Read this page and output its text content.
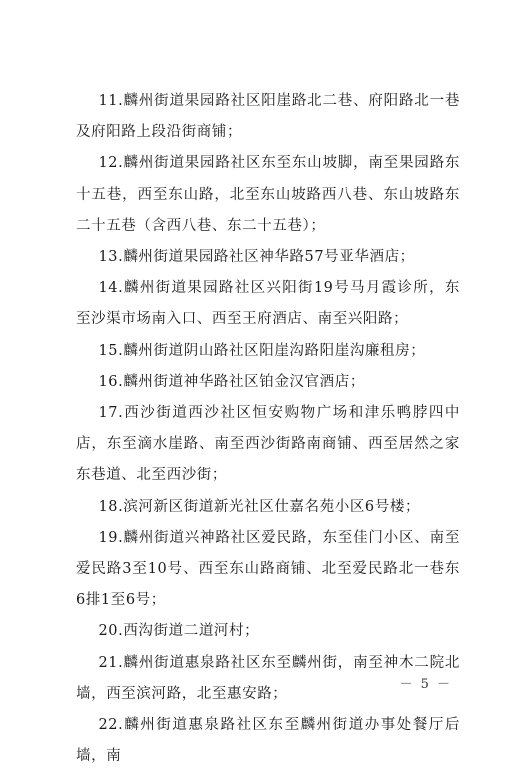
11.麟州街道果园路社区阳崖路北二巷、府阳路北一巷及府阳路上段沿街商铺；

12.麟州街道果园路社区东至东山坡脚，南至果园路东十五巷，西至东山路，北至东山坡路西八巷、东山坡路东二十五巷（含西八巷、东二十五巷）；

13.麟州街道果园路社区神华路57号亚华酒店；

14.麟州街道果园路社区兴阳街19号马月霞诊所，东至沙渠市场南入口、西至王府酒店、南至兴阳路；

15.麟州街道阴山路社区阳崖沟路阳崖沟廉租房；

16.麟州街道神华路社区铂金汉官酒店；

17.西沙街道西沙社区恒安购物广场和津乐鸭脖四中店，东至滴水崖路、南至西沙街路南商铺、西至居然之家东巷道、北至西沙街；

18.滨河新区街道新光社区仕嘉名苑小区6号楼；

19.麟州街道兴神路社区爱民路，东至佳门小区、南至爱民路3至10号、西至东山路商铺、北至爱民路北一巷东6排1至6号；

20.西沟街道二道河村；

21.麟州街道惠泉路社区东至麟州街，南至神木二院北墙，西至滨河路，北至惠安路；

22.麟州街道惠泉路社区东至麟州街道办事处餐厅后墙，南

－ 5 －
